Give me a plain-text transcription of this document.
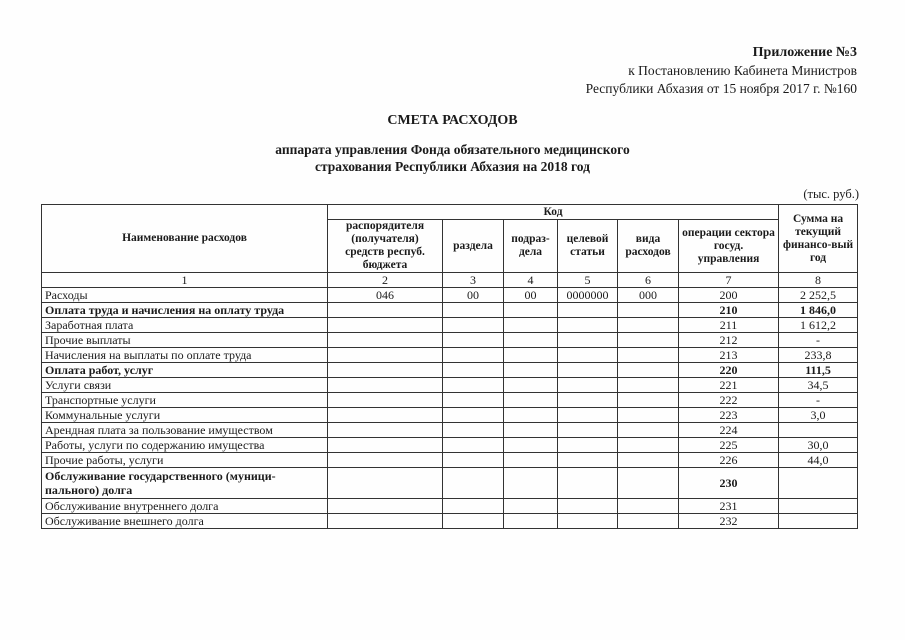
Приложение №3
к Постановлению Кабинета Министров
Республики Абхазия от 15 ноября 2017 г. №160
СМЕТА РАСХОДОВ
аппарата управления Фонда обязательного медицинского
страхования Республики Абхазия на 2018 год
(тыс. руб.)
Наименование расходов	Код						Сумма на текущий финансо-вый год
	распорядителя (получателя) средств респуб. бюджета	раздела	подраз-дела	целевой статьи	вида расходов	операции сектора госуд. управления	
1	2	3	4	5	6	7	8
Расходы	046	00	00	0000000	000	200	2 252,5
Оплата труда и начисления на оплату труда						210	1 846,0
Заработная плата						211	1 612,2
Прочие выплаты						212	-
Начисления на выплаты по оплате труда						213	233,8
Оплата работ, услуг						220	111,5
Услуги связи						221	34,5
Транспортные услуги						222	-
Коммунальные услуги						223	3,0
Арендная плата за пользование имуществом						224	
Работы, услуги по содержанию имущества						225	30,0
Прочие работы, услуги						226	44,0
Обслуживание государственного (муници-пального) долга						230	
Обслуживание внутреннего долга						231	
Обслуживание внешнего долга						232	
